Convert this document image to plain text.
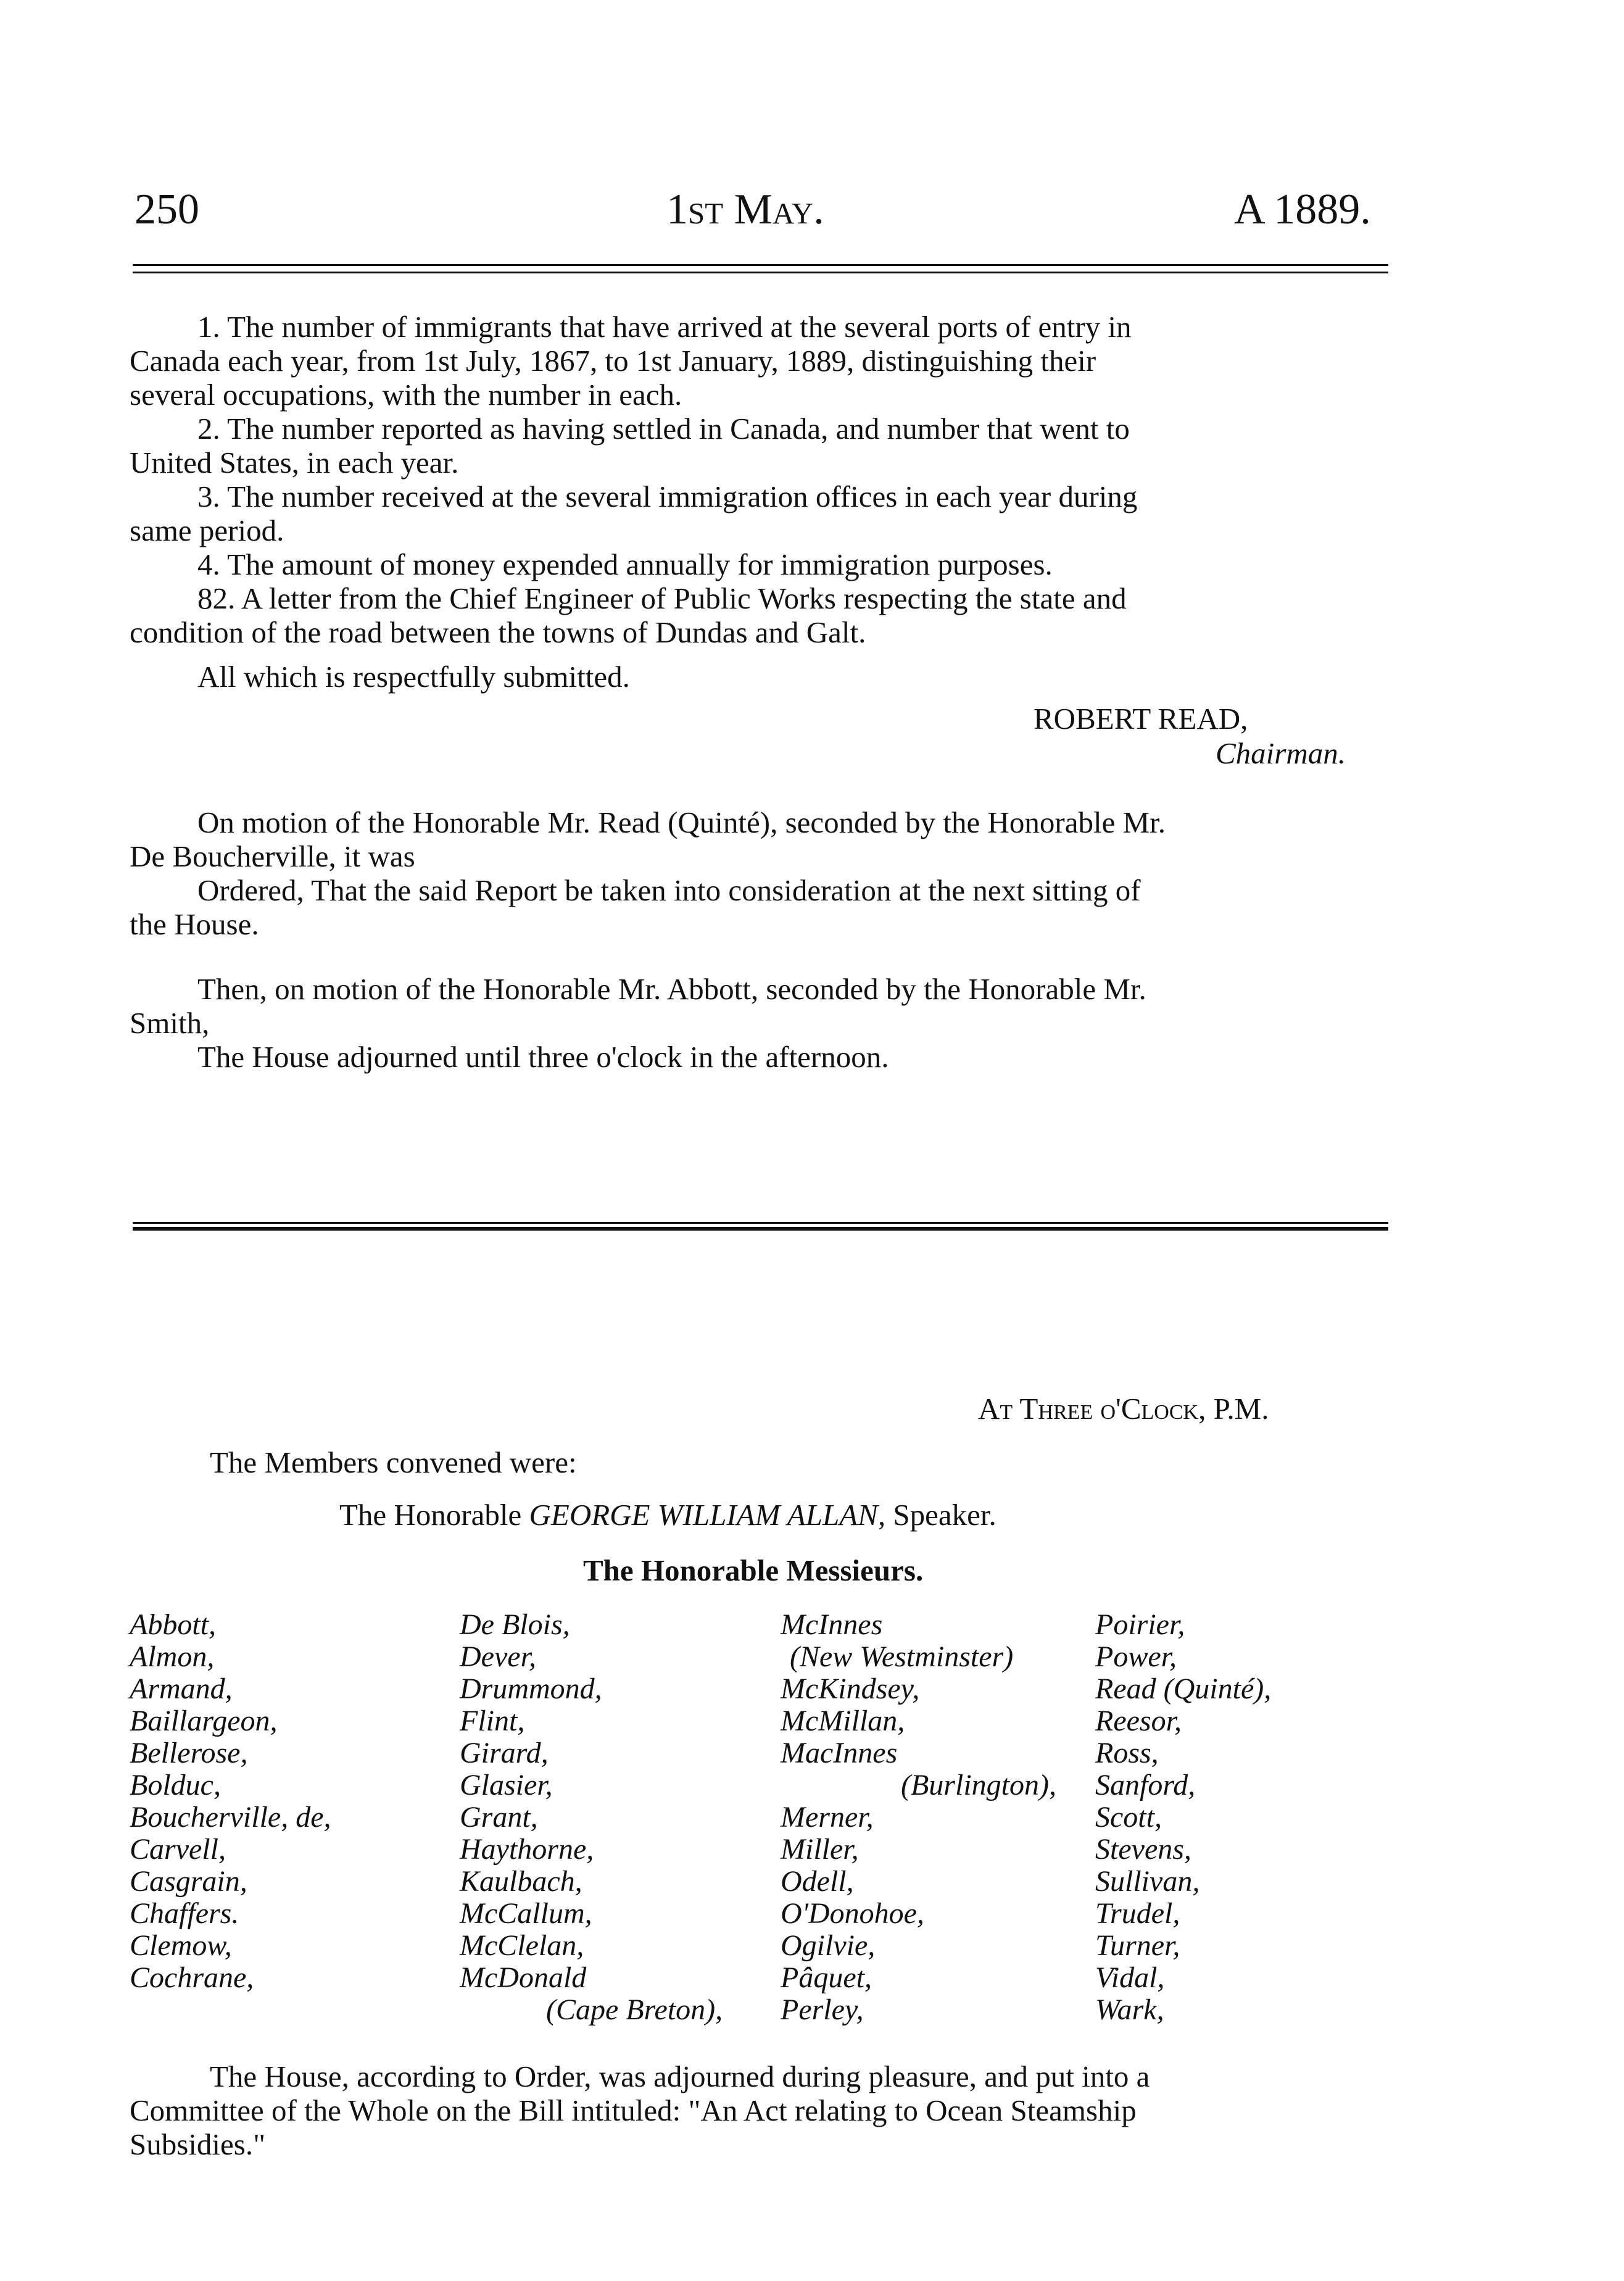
250	1st May.	A 1889.
1. The number of immigrants that have arrived at the several ports of entry in
Canada each year, from 1st July, 1867, to 1st January, 1889, distinguishing their
several occupations, with the number in each.
2. The number reported as having settled in Canada, and number that went to
United States, in each year.
3. The number received at the several immigration offices in each year during
same period.
4. The amount of money expended annually for immigration purposes.
82. A letter from the Chief Engineer of Public Works respecting the state and
condition of the road between the towns of Dundas and Galt.
All which is respectfully submitted.
ROBERT READ,
Chairman.
On motion of the Honorable Mr. Read (Quinté), seconded by the Honorable Mr.
De Boucherville, it was
Ordered, That the said Report be taken into consideration at the next sitting of
the House.
Then, on motion of the Honorable Mr. Abbott, seconded by the Honorable Mr.
Smith,
The House adjourned until three o'clock in the afternoon.
At Three o'Clock, P.M.
The Members convened were:
The Honorable GEORGE WILLIAM ALLAN, Speaker.
The Honorable Messieurs.
Abbott,
Almon,
Armand,
Baillargeon,
Bellerose,
Bolduc,
Boucherville, de,
Carvell,
Casgrain,
Chaffers.
Clemow,
Cochrane,
De Blois,
Dever,
Drummond,
Flint,
Girard,
Glasier,
Grant,
Haythorne,
Kaulbach,
McCallum,
McClelan,
McDonald
(Cape Breton),
McInnes
(New Westminster)
McKindsey,
McMillan,
MacInnes
(Burlington),
Merner,
Miller,
Odell,
O'Donohoe,
Ogilvie,
Pâquet,
Perley,
Poirier,
Power,
Read (Quinté),
Reesor,
Ross,
Sanford,
Scott,
Stevens,
Sullivan,
Trudel,
Turner,
Vidal,
Wark,
The House, according to Order, was adjourned during pleasure, and put into a
Committee of the Whole on the Bill intituled: "An Act relating to Ocean Steamship
Subsidies."
